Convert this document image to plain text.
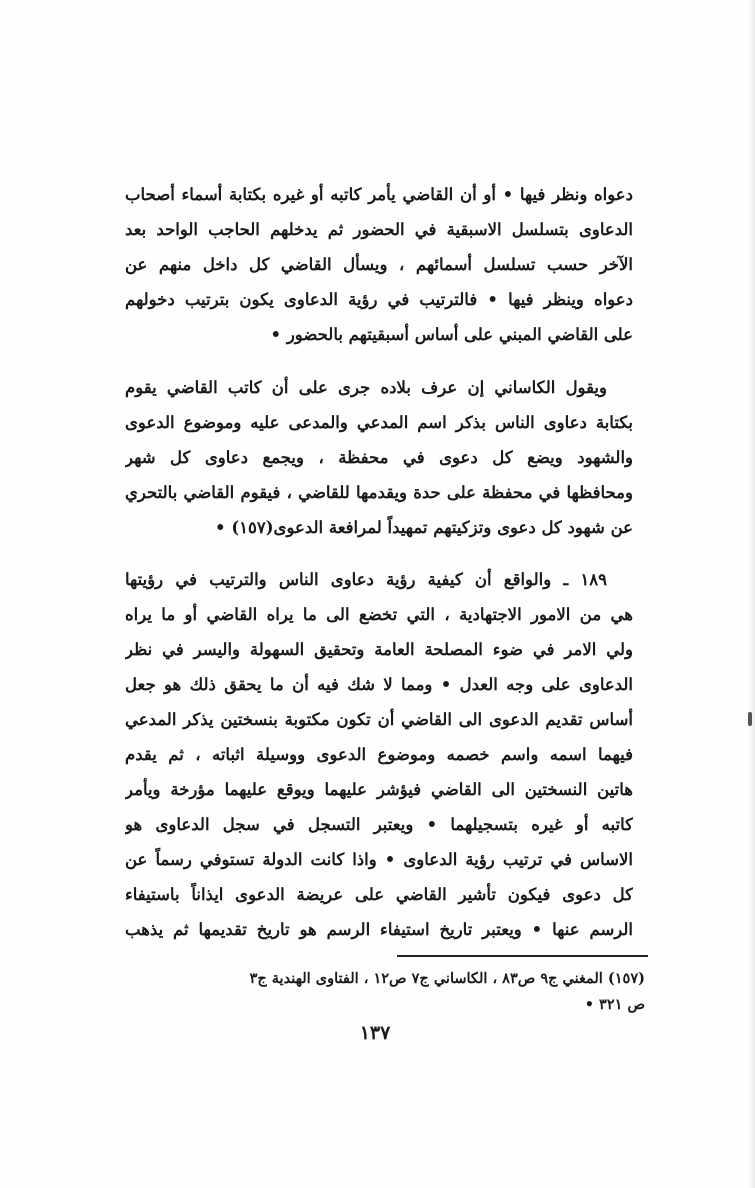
دعواه ونظر فيها • أو أن القاضي يأمر كاتبه أو غيره بكتابة أسماء أصحاب
الدعاوى بتسلسل الاسبقية في الحضور ثم يدخلهم الحاجب الواحد بعد
الآخر حسب تسلسل أسمائهم ، ويسأل القاضي كل داخل منهم عن
دعواه وينظر فيها • فالترتيب في رؤية الدعاوى يكون بترتيب دخولهم
على القاضي المبني على أساس أسبقيتهم بالحضور •
ويقول الكاساني إن عرف بلاده جرى على أن كاتب القاضي يقوم
بكتابة دعاوى الناس بذكر اسم المدعي والمدعى عليه وموضوع الدعوى
والشهود ويضع كل دعوى في محفظة ، ويجمع دعاوى كل شهر
ومحافظها في محفظة على حدة ويقدمها للقاضي ، فيقوم القاضي بالتحري
عن شهود كل دعوى وتزكيتهم تمهيداً لمرافعة الدعوى(١٥٧) •
١٨٩ ـ والواقع أن كيفية رؤية دعاوى الناس والترتيب في رؤيتها
هي من الامور الاجتهادية ، التي تخضع الى ما يراه القاضي أو ما يراه
ولي الامر في ضوء المصلحة العامة وتحقيق السهولة واليسر في نظر
الدعاوى على وجه العدل • ومما لا شك فيه أن ما يحقق ذلك هو جعل
أساس تقديم الدعوى الى القاضي أن تكون مكتوبة بنسختين يذكر المدعي
فيهما اسمه واسم خصمه وموضوع الدعوى ووسيلة اثباته ، ثم يقدم
هاتين النسختين الى القاضي فيؤشر عليهما ويوقع عليهما مؤرخة ويأمر
كاتبه أو غيره بتسجيلهما • ويعتبر التسجل في سجل الدعاوى هو
الاساس في ترتيب رؤية الدعاوى • واذا كانت الدولة تستوفي رسماً عن
كل دعوى فيكون تأشير القاضي على عريضة الدعوى ايذاناً باستيفاء
الرسم عنها • ويعتبر تاريخ استيفاء الرسم هو تاريخ تقديمها ثم يذهب
(١٥٧) المغني ج٩ ص٨٣ ، الكاساني ج٧ ص١٢ ، الفتاوى الهندية ج٣
ص ٣٢١ •
١٣٧
